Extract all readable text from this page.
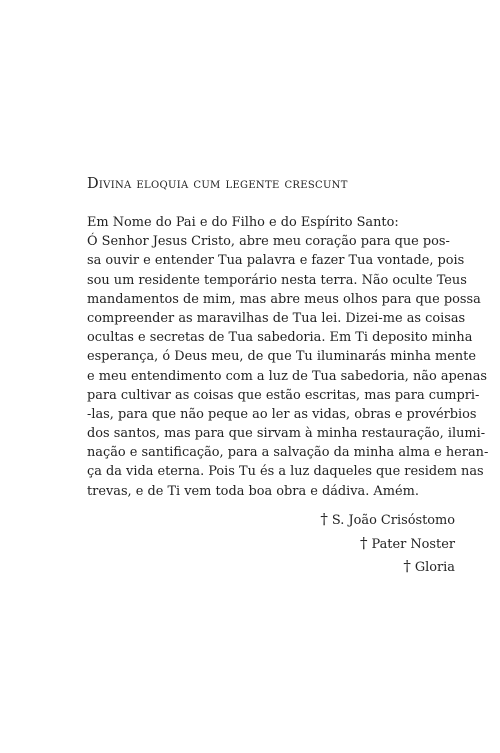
Divina eloquia cum legente crescunt
Em Nome do Pai e do Filho e do Espírito Santo:
Ó Senhor Jesus Cristo, abre meu coração para que pos-
sa ouvir e entender Tua palavra e fazer Tua vontade, pois
sou um residente temporário nesta terra. Não oculte Teus
mandamentos de mim, mas abre meus olhos para que possa
compreender as maravilhas de Tua lei. Dizei-me as coisas
ocultas e secretas de Tua sabedoria. Em Ti deposito minha
esperança, ó Deus meu, de que Tu iluminarás minha mente
e meu entendimento com a luz de Tua sabedoria, não apenas
para cultivar as coisas que estão escritas, mas para cumpri-
-las, para que não peque ao ler as vidas, obras e provérbios
dos santos, mas para que sirvam à minha restauração, ilumi-
nação e santificação, para a salvação da minha alma e heran-
ça da vida eterna. Pois Tu és a luz daqueles que residem nas
trevas, e de Ti vem toda boa obra e dádiva. Amém.
† S. João Crisóstomo
† Pater Noster
† Gloria
